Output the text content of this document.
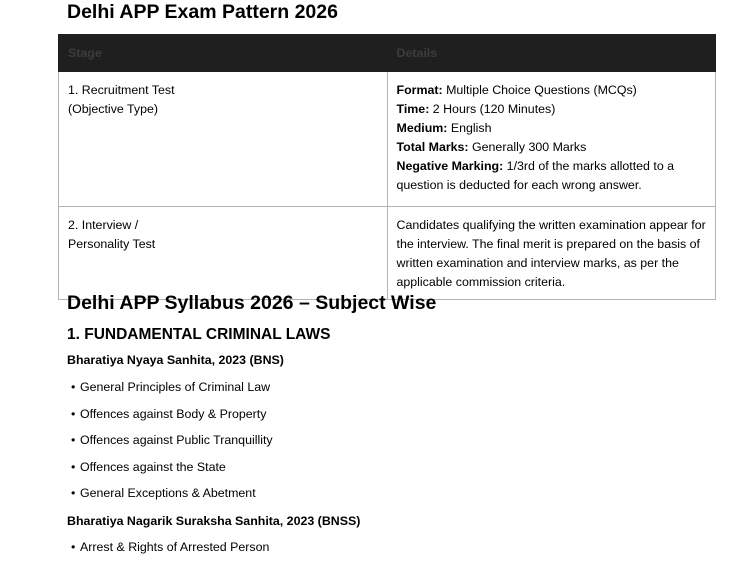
Delhi APP Exam Pattern 2026
Stage	Details

1. Recruitment Test
(Objective Type)	Format: Multiple Choice Questions (MCQs)
Time: 2 Hours (120 Minutes)
Medium: English
Total Marks: Generally 300 Marks
Negative Marking: 1/3rd of the marks allotted to a question is deducted for each wrong answer.

2. Interview /
Personality Test	Candidates qualifying the written examination appear for the interview. The final merit is prepared on the basis of written examination and interview marks, as per the applicable commission criteria.
Delhi APP Syllabus 2026 – Subject Wise
1. FUNDAMENTAL CRIMINAL LAWS
Bharatiya Nyaya Sanhita, 2023 (BNS)
• General Principles of Criminal Law
• Offences against Body & Property
• Offences against Public Tranquillity
• Offences against the State
• General Exceptions & Abetment
Bharatiya Nagarik Suraksha Sanhita, 2023 (BNSS)
• Arrest & Rights of Arrested Person
